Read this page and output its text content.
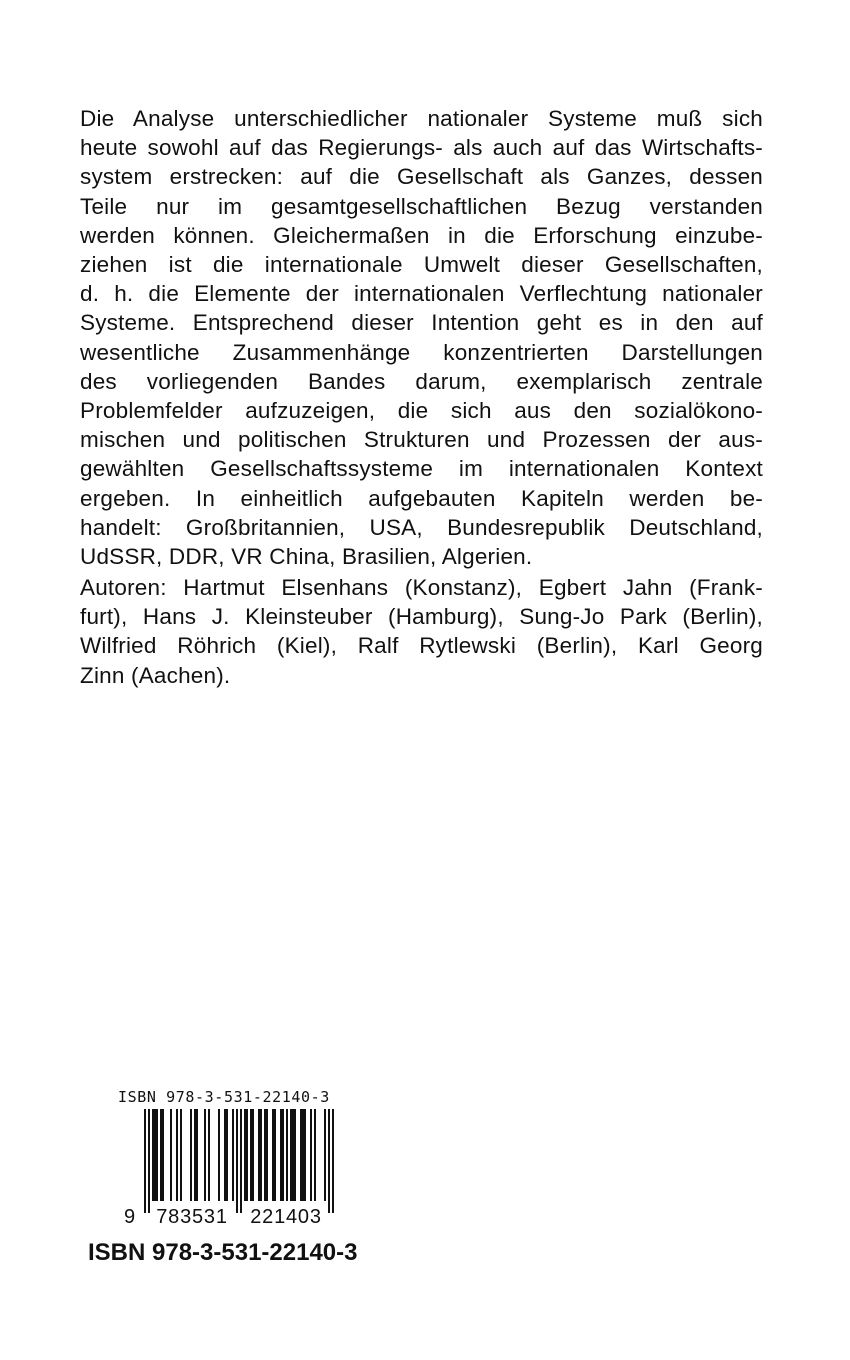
Die Analyse unterschiedlicher nationaler Systeme muß sich
heute sowohl auf das Regierungs- als auch auf das Wirtschafts-
system erstrecken: auf die Gesellschaft als Ganzes, dessen
Teile nur im gesamtgesellschaftlichen Bezug verstanden
werden können. Gleichermaßen in die Erforschung einzube-
ziehen ist die internationale Umwelt dieser Gesellschaften,
d. h. die Elemente der internationalen Verflechtung nationaler
Systeme. Entsprechend dieser Intention geht es in den auf
wesentliche Zusammenhänge konzentrierten Darstellungen
des vorliegenden Bandes darum, exemplarisch zentrale
Problemfelder aufzuzeigen, die sich aus den sozialökono-
mischen und politischen Strukturen und Prozessen der aus-
gewählten Gesellschaftssysteme im internationalen Kontext
ergeben. In einheitlich aufgebauten Kapiteln werden be-
handelt: Großbritannien, USA, Bundesrepublik Deutschland,
UdSSR, DDR, VR China, Brasilien, Algerien.
Autoren: Hartmut Elsenhans (Konstanz), Egbert Jahn (Frank-
furt), Hans J. Kleinsteuber (Hamburg), Sung-Jo Park (Berlin),
Wilfried Röhrich (Kiel), Ralf Rytlewski (Berlin), Karl Georg
Zinn (Aachen).
ISBN 978-3-531-22140-3
9 783531 221403
ISBN 978-3-531-22140-3
